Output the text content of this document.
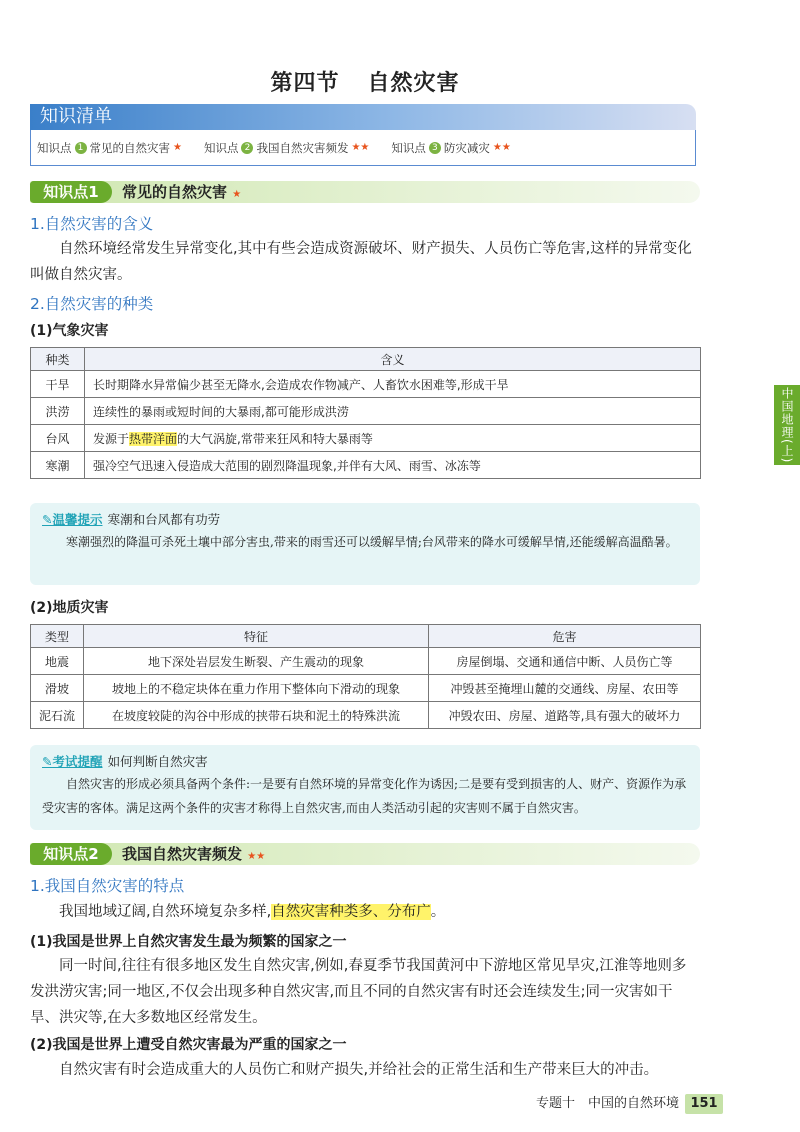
第四节 自然灾害
知识清单
知识点 1 常见的自然灾害 ★ 知识点 2 我国自然灾害频发 ★★ 知识点 3 防灾减灾 ★★
知识点1	常见的自然灾害 ★
1.自然灾害的含义
自然环境经常发生异常变化,其中有些会造成资源破坏、财产损失、人员伤亡等危害,这样的异常变化叫做自然灾害。
2.自然灾害的种类
(1)气象灾害
种类	含义
干旱	长时期降水异常偏少甚至无降水,会造成农作物减产、人畜饮水困难等,形成干旱
洪涝	连续性的暴雨或短时间的大暴雨,都可能形成洪涝
台风	发源于热带洋面的大气涡旋,常带来狂风和特大暴雨等
寒潮	强冷空气迅速入侵造成大范围的剧烈降温现象,并伴有大风、雨雪、冰冻等
✎温馨提示 寒潮和台风都有功劳
寒潮强烈的降温可杀死土壤中部分害虫,带来的雨雪还可以缓解旱情;台风带来的降水可缓解旱情,还能缓解高温酷暑。
(2)地质灾害
类型	特征	危害
地震	地下深处岩层发生断裂、产生震动的现象	房屋倒塌、交通和通信中断、人员伤亡等
滑坡	坡地上的不稳定块体在重力作用下整体向下滑动的现象	冲毁甚至掩埋山麓的交通线、房屋、农田等
泥石流	在坡度较陡的沟谷中形成的挟带石块和泥土的特殊洪流	冲毁农田、房屋、道路等,具有强大的破坏力
✎考试提醒 如何判断自然灾害
自然灾害的形成必须具备两个条件:一是要有自然环境的异常变化作为诱因;二是要有受到损害的人、财产、资源作为承受灾害的客体。满足这两个条件的灾害才称得上自然灾害,而由人类活动引起的灾害则不属于自然灾害。
知识点2	我国自然灾害频发 ★★
1.我国自然灾害的特点
我国地域辽阔,自然环境复杂多样,自然灾害种类多、分布广。
(1)我国是世界上自然灾害发生最为频繁的国家之一
同一时间,往往有很多地区发生自然灾害,例如,春夏季节我国黄河中下游地区常见旱灾,江淮等地则多发洪涝灾害;同一地区,不仅会出现多种自然灾害,而且不同的自然灾害有时还会连续发生;同一灾害如干旱、洪灾等,在大多数地区经常发生。
(2)我国是世界上遭受自然灾害最为严重的国家之一
自然灾害有时会造成重大的人员伤亡和财产损失,并给社会的正常生活和生产带来巨大的冲击。
中国地理(上)
专题十　中国的自然环境 151
